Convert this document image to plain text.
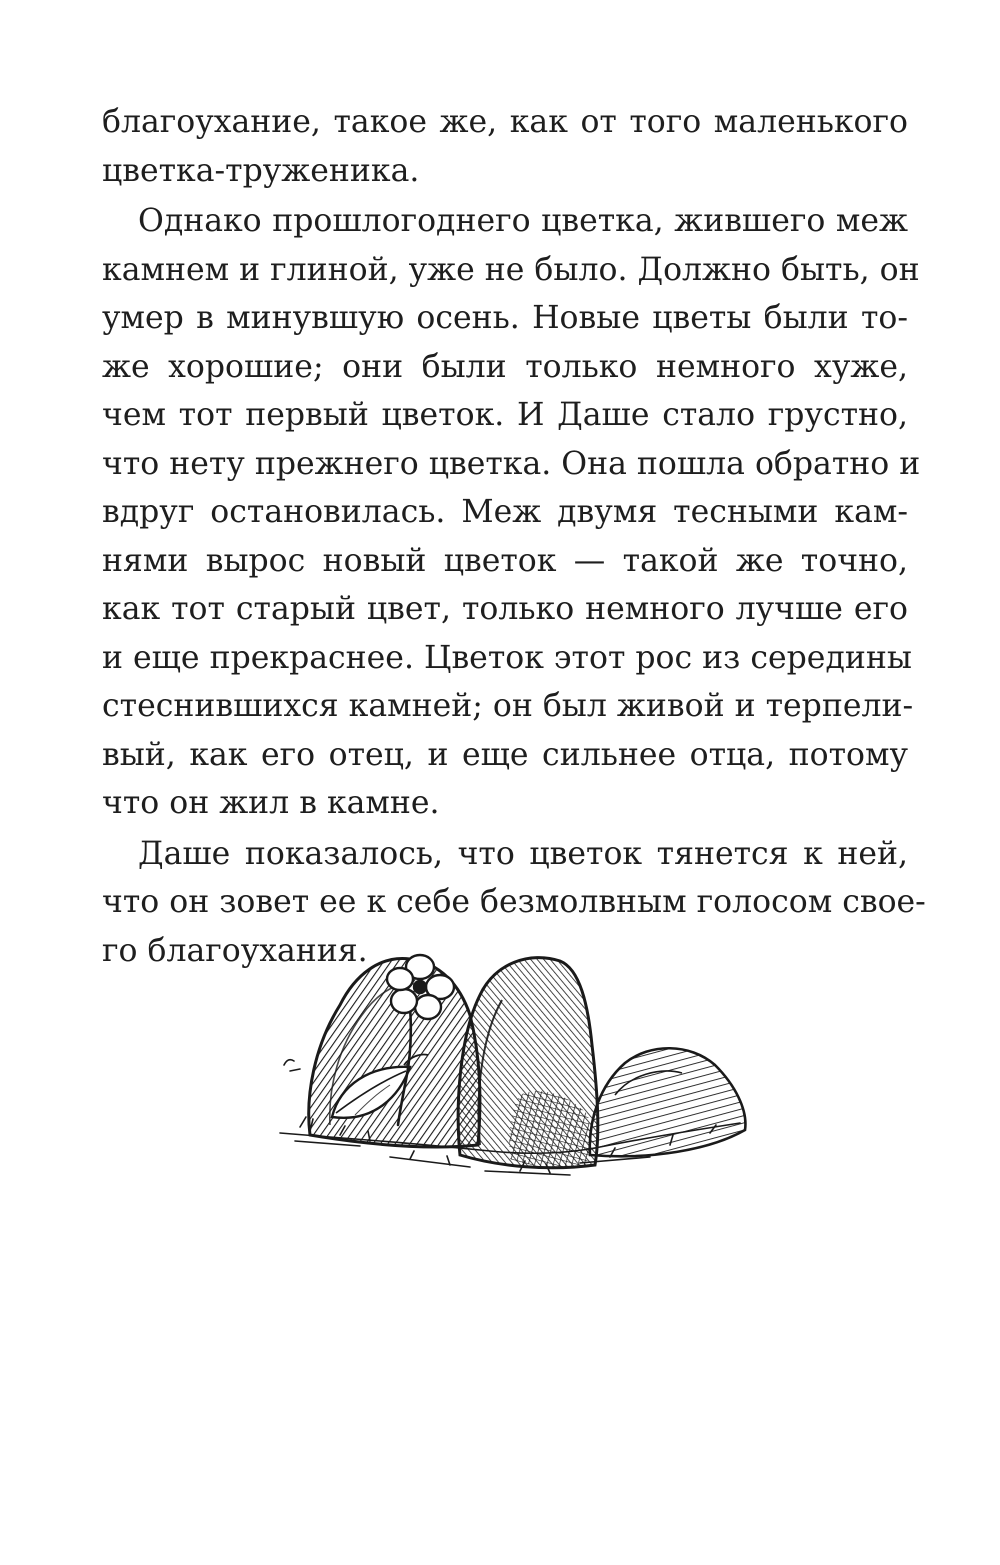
благоухание, такое же, как от того маленького
цветка-труженика.
Однако прошлогоднего цветка, жившего меж
камнем и глиной, уже не было. Должно быть, он
умер в минувшую осень. Новые цветы были то-
же хорошие; они были только немного хуже,
чем тот первый цветок. И Даше стало грустно,
что нету прежнего цветка. Она пошла обратно и
вдруг остановилась. Меж двумя тесными кам-
нями вырос новый цветок — такой же точно,
как тот старый цвет, только немного лучше его
и еще прекраснее. Цветок этот рос из середины
стеснившихся камней; он был живой и терпели-
вый, как его отец, и еще сильнее отца, потому
что он жил в камне.
Даше показалось, что цветок тянется к ней,
что он зовет ее к себе безмолвным голосом свое-
го благоухания.
